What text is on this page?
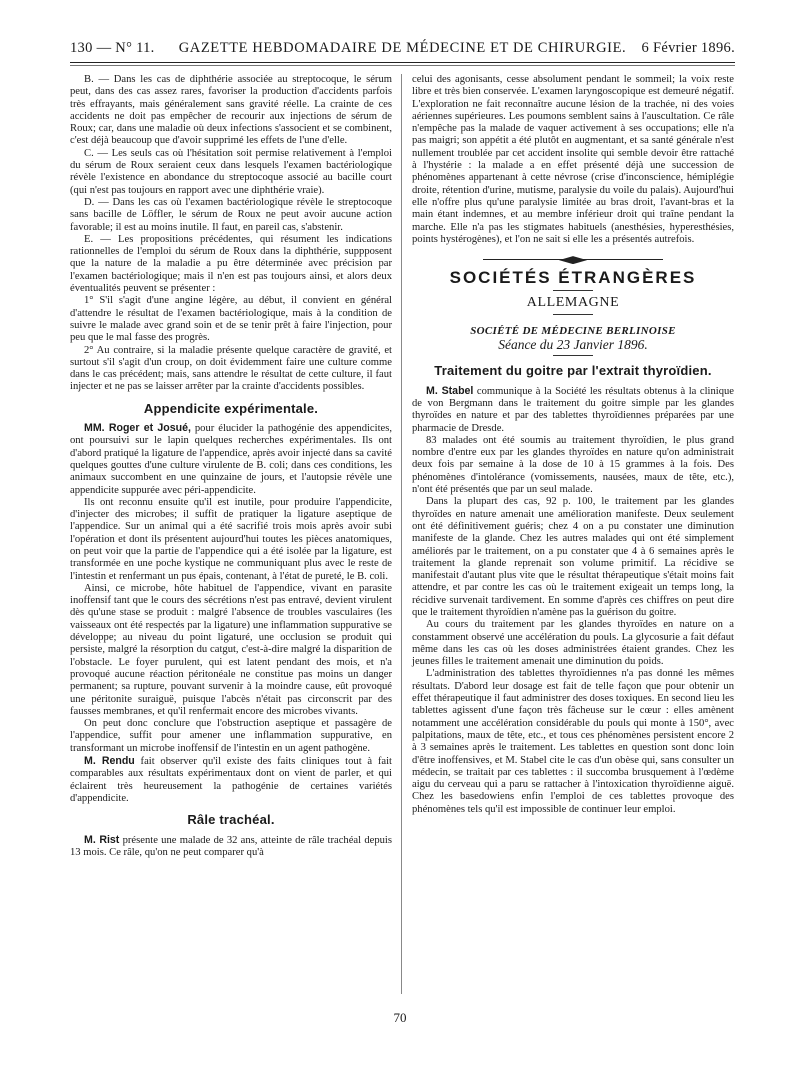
130 — N° 11.	GAZETTE HEBDOMADAIRE DE MÉDECINE ET DE CHIRURGIE.	6 Février 1896.

B. — Dans les cas de diphthérie associée au streptocoque, le sérum peut, dans des cas assez rares, favoriser la production d'accidents parfois très effrayants, mais généralement sans gravité réelle. La crainte de ces accidents ne doit pas empêcher de recourir aux injections de sérum de Roux; car, dans une maladie où deux infections s'associent et se combinent, c'est déjà beaucoup que d'avoir supprimé les effets de l'une d'elle.

C. — Les seuls cas où l'hésitation soit permise relativement à l'emploi du sérum de Roux seraient ceux dans lesquels l'examen bactériologique révèle l'existence en abondance du streptocoque associé au bacille court (qui n'est pas toujours en rapport avec une diphthérie vraie).

D. — Dans les cas où l'examen bactériologique révèle le streptocoque sans bacille de Löffler, le sérum de Roux ne peut avoir aucune action favorable; il est au moins inutile. Il faut, en pareil cas, s'abstenir.

E. — Les propositions précédentes, qui résument les indications rationnelles de l'emploi du sérum de Roux dans la diphthérie, suppposent que la nature de la maladie a pu être déterminée avec précision par l'examen bactériologique; mais il n'en est pas toujours ainsi, et alors deux éventualités peuvent se présenter :

1° S'il s'agit d'une angine légère, au début, il convient en général d'attendre le résultat de l'examen bactériologique, mais à la condition de suivre le malade avec grand soin et de se tenir prêt à faire l'injection, pour peu que le mal fasse des progrès.

2° Au contraire, si la maladie présente quelque caractère de gravité, et surtout s'il s'agit d'un croup, on doit évidemment faire une culture comme dans le cas précédent; mais, sans attendre le résultat de cette culture, il faut injecter et ne pas se laisser arrêter par la crainte d'accidents possibles.

Appendicite expérimentale.

MM. Roger et Josué, pour élucider la pathogénie des appendicites, ont poursuivi sur le lapin quelques recherches expérimentales. Ils ont d'abord pratiqué la ligature de l'appendice, après avoir injecté dans sa cavité quelques gouttes d'une culture virulente de B. coli; dans ces conditions, les animaux succombent en une quinzaine de jours, et l'autopsie révèle une appendicite suppurée avec péri-appendicite.

Ils ont reconnu ensuite qu'il est inutile, pour produire l'appendicite, d'injecter des microbes; il suffit de pratiquer la ligature aseptique de l'appendice. Sur un animal qui a été sacrifié trois mois après avoir subi l'opération et dont ils présentent aujourd'hui toutes les pièces anatomiques, on peut voir que la partie de l'appendice qui a été isolée par la ligature, est transformée en une poche kystique ne communiquant plus avec le reste de l'intestin et renfermant un pus épais, contenant, à l'état de pureté, le B. coli.

Ainsi, ce microbe, hôte habituel de l'appendice, vivant en parasite inoffensif tant que le cours des sécrétions n'est pas entravé, devient virulent dès qu'une stase se produit : malgré l'absence de troubles vasculaires (les vaisseaux ont été respectés par la ligature) une inflammation suppurative se développe; au niveau du point ligaturé, une occlusion se produit qui persiste, malgré la résorption du catgut, c'est-à-dire malgré la disparition de l'obstacle. Le foyer purulent, qui est latent pendant des mois, et n'a provoqué aucune réaction péritonéale ne constitue pas moins un danger permanent; sa rupture, pouvant survenir à la moindre cause, eût provoqué une péritonite suraiguë, puisque l'abcès n'était pas circonscrit par des fausses membranes, et qu'il renfermait encore des microbes vivants.

On peut donc conclure que l'obstruction aseptique et passagère de l'appendice, suffit pour amener une inflammation suppurative, en transformant un microbe inoffensif de l'intestin en un agent pathogène.

M. Rendu fait observer qu'il existe des faits cliniques tout à fait comparables aux résultats expérimentaux dont on vient de parler, et qui éclairent très heureusement la pathogénie de certaines variétés d'appendicite.

Râle trachéal.

M. Rist présente une malade de 32 ans, atteinte de râle trachéal depuis 13 mois. Ce râle, qu'on ne peut comparer qu'à

celui des agonisants, cesse absolument pendant le sommeil; la voix reste libre et très bien conservée. L'examen laryngoscopique est demeuré négatif. L'exploration ne fait reconnaître aucune lésion de la trachée, ni des voies aériennes supérieures. Les poumons semblent sains à l'auscultation. Ce râle n'empêche pas la malade de vaquer activement à ses occupations; elle n'a pas maigri; son appétit a été plutôt en augmentant, et sa santé générale n'est nullement troublée par cet accident insolite qui semble devoir être rattaché à l'hystérie : la malade a en effet présenté déjà une succession de phénomènes appartenant à cette névrose (crise d'inconscience, hémiplégie droite, rétention d'urine, mutisme, paralysie du voile du palais). Aujourd'hui elle n'offre plus qu'une paralysie limitée au bras droit, l'avant-bras et la main étant indemnes, et au membre inférieur droit qui traîne pendant la marche. Elle n'a pas les stigmates habituels (anesthésies, hyperesthésies, points hystérogènes), et l'on ne sait si elle les a présentés autrefois.

SOCIÉTÉS ÉTRANGÈRES
ALLEMAGNE
SOCIÉTÉ DE MÉDECINE BERLINOISE
Séance du 23 Janvier 1896.
Traitement du goitre par l'extrait thyroïdien.

M. Stabel communique à la Société les résultats obtenus à la clinique de von Bergmann dans le traitement du goitre simple par les glandes thyroïdes en nature et par des tablettes thyroïdiennes préparées par une pharmacie de Dresde.

83 malades ont été soumis au traitement thyroïdien, le plus grand nombre d'entre eux par les glandes thyroïdes en nature qu'on administrait deux fois par semaine à la dose de 10 à 15 grammes à la fois. Des phénomènes d'intolérance (vomissements, nausées, maux de tête, etc.), n'ont été présentés que par un seul malade.

Dans la plupart des cas, 92 p. 100, le traitement par les glandes thyroïdes en nature amenait une amélioration manifeste. Deux seulement ont été définitivement guéris; chez 4 on a pu constater une diminution manifeste de la glande. Chez les autres malades qui ont été simplement améliorés par le traitement, on a pu constater que 4 à 6 semaines après le traitement la glande reprenait son volume primitif. La récidive se manifestait d'autant plus vite que le résultat thérapeutique s'était moins fait attendre, et par contre les cas où le traitement exigeait un temps long, la récidive survenait tardivement. En somme d'après ces chiffres on peut dire que le traitement thyroïdien n'amène pas la guérison du goitre.

Au cours du traitement par les glandes thyroïdes en nature on a constamment observé une accélération du pouls. La glycosurie a fait défaut même dans les cas où les doses administrées étaient grandes. Chez les jeunes filles le traitement amenait une diminution du poids.

L'administration des tablettes thyroïdiennes n'a pas donné les mêmes résultats. D'abord leur dosage est fait de telle façon que pour obtenir un effet thérapeutique il faut administrer des doses toxiques. En second lieu les tablettes agissent d'une façon très fâcheuse sur le cœur : elles amènent notamment une accélération considérable du pouls qui monte à 150°, avec palpitations, maux de tête, etc., et tous ces phénomènes persistent encore 2 à 3 semaines après le traitement. Les tablettes en question sont donc loin d'être inoffensives, et M. Stabel cite le cas d'un obèse qui, sans consulter un médecin, se traitait par ces tablettes : il succomba brusquement à l'œdème aigu du cerveau qui a paru se rattacher à l'intoxication thyroïdienne aiguë. Chez les basedowiens enfin l'emploi de ces tablettes provoque des phénomènes tels qu'il est impossible de continuer leur emploi.

70
